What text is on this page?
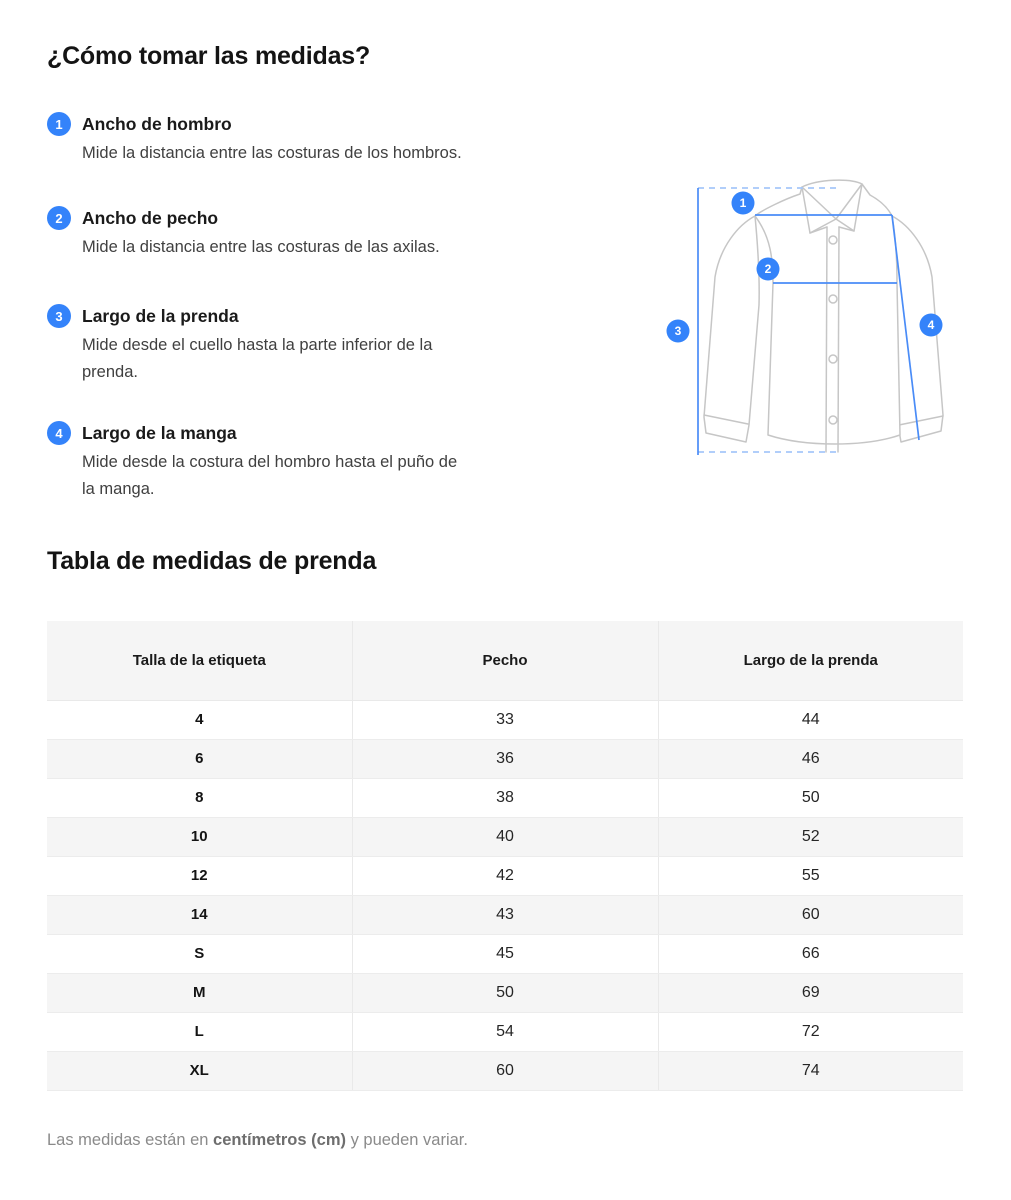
¿Cómo tomar las medidas?
1	Ancho de hombro

Mide la distancia entre las costuras de los hombros.

2	Ancho de pecho

Mide la distancia entre las costuras de las axilas.

3	Largo de la prenda

Mide desde el cuello hasta la parte inferior de la prenda.

4	Largo de la manga

Mide desde la costura del hombro hasta el puño de la manga.

1
2
3	4
Tabla de medidas de prenda
Talla de la etiqueta	Pecho	Largo de la prenda
4	33	44
6	36	46
8	38	50
10	40	52
12	42	55
14	43	60
S	45	66
M	50	69
L	54	72
XL	60	74

Las medidas están en centímetros (cm) y pueden variar.
